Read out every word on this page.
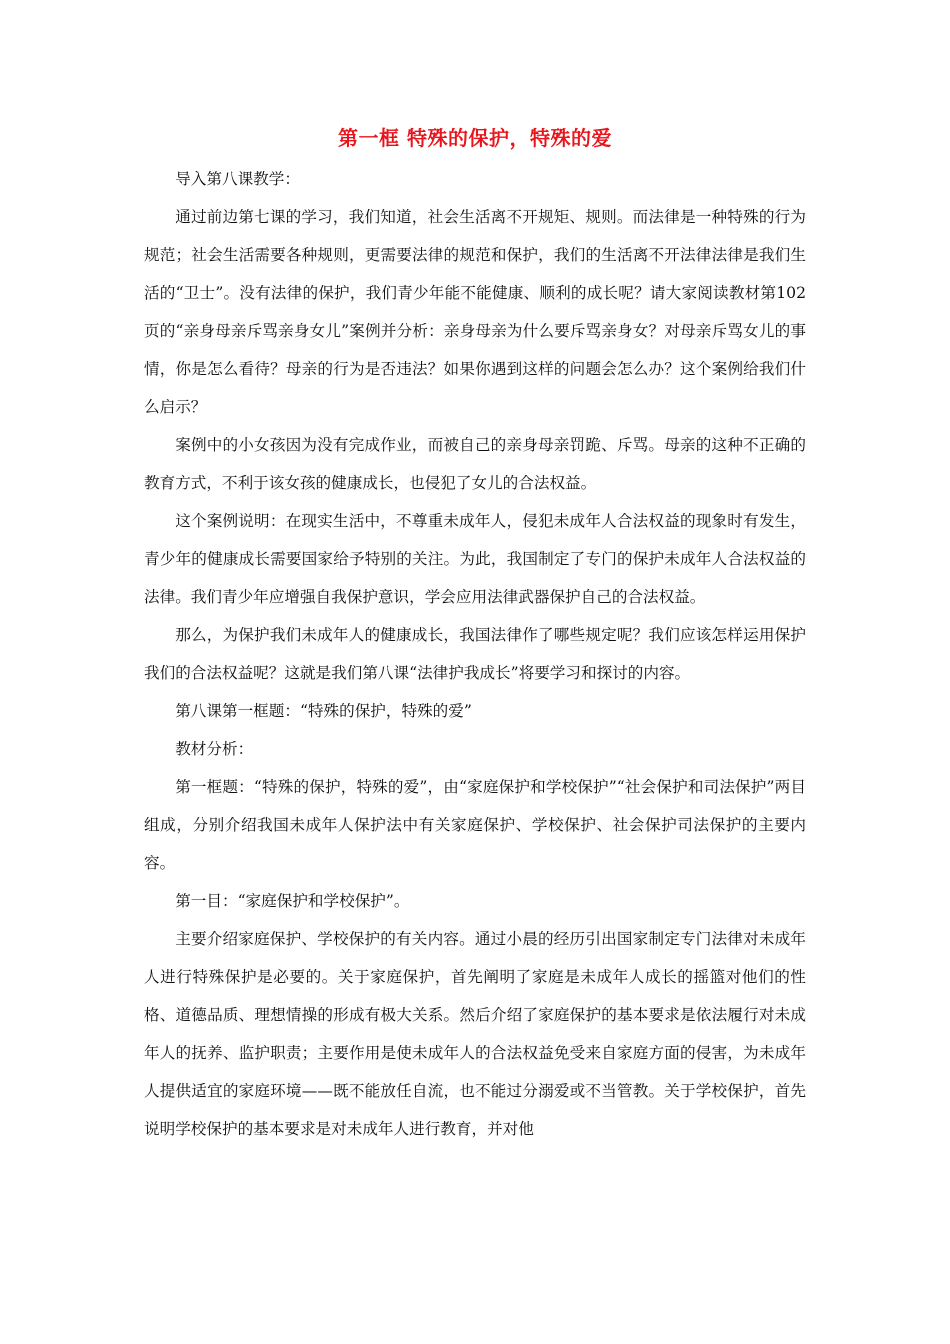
第一框 特殊的保护，特殊的爱

导入第八课教学：

通过前边第七课的学习，我们知道，社会生活离不开规矩、规则。而法律是一种特殊的行为规范；社会生活需要各种规则，更需要法律的规范和保护，我们的生活离不开法律法律是我们生活的“卫士”。没有法律的保护，我们青少年能不能健康、顺利的成长呢？请大家阅读教材第102页的“亲身母亲斥骂亲身女儿”案例并分析：亲身母亲为什么要斥骂亲身女？对母亲斥骂女儿的事情，你是怎么看待？母亲的行为是否违法？如果你遇到这样的问题会怎么办？这个案例给我们什么启示？

案例中的小女孩因为没有完成作业，而被自己的亲身母亲罚跪、斥骂。母亲的这种不正确的教育方式，不利于该女孩的健康成长，也侵犯了女儿的合法权益。

这个案例说明：在现实生活中，不尊重未成年人，侵犯未成年人合法权益的现象时有发生，青少年的健康成长需要国家给予特别的关注。为此，我国制定了专门的保护未成年人合法权益的法律。我们青少年应增强自我保护意识，学会应用法律武器保护自己的合法权益。

那么，为保护我们未成年人的健康成长，我国法律作了哪些规定呢？我们应该怎样运用保护我们的合法权益呢？这就是我们第八课“法律护我成长”将要学习和探讨的内容。

第八课第一框题：“特殊的保护，特殊的爱”

教材分析：

第一框题：“特殊的保护，特殊的爱”，由“家庭保护和学校保护”“社会保护和司法保护”两目组成，分别介绍我国未成年人保护法中有关家庭保护、学校保护、社会保护司法保护的主要内容。

第一目：“家庭保护和学校保护”。

主要介绍家庭保护、学校保护的有关内容。通过小晨的经历引出国家制定专门法律对未成年人进行特殊保护是必要的。关于家庭保护，首先阐明了家庭是未成年人成长的摇篮对他们的性格、道德品质、理想情操的形成有极大关系。然后介绍了家庭保护的基本要求是依法履行对未成年人的抚养、监护职责；主要作用是使未成年人的合法权益免受来自家庭方面的侵害，为未成年人提供适宜的家庭环境——既不能放任自流，也不能过分溺爱或不当管教。关于学校保护，首先说明学校保护的基本要求是对未成年人进行教育，并对他
